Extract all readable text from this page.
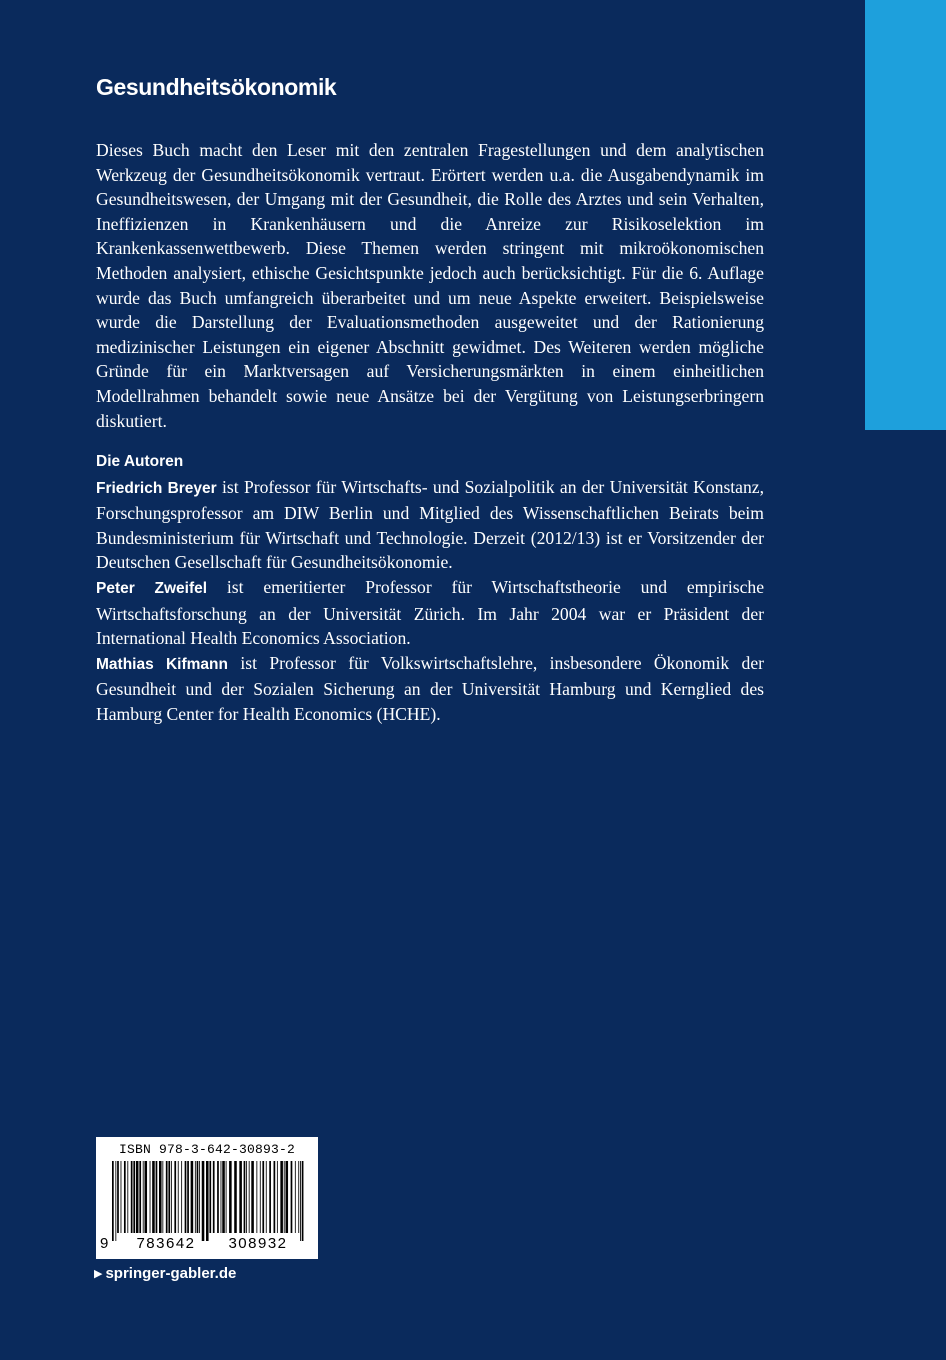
Gesundheitsökonomik

Dieses Buch macht den Leser mit den zentralen Fragestellungen und dem analytischen Werkzeug der Gesundheitsökonomik vertraut. Erörtert werden u.a. die Ausgabendynamik im Gesundheitswesen, der Umgang mit der Gesundheit, die Rolle des Arztes und sein Verhalten, Ineffizienzen in Krankenhäusern und die Anreize zur Risikoselektion im Krankenkassenwettbewerb. Diese Themen werden stringent mit mikroökonomischen Methoden analysiert, ethische Gesichtspunkte jedoch auch berücksichtigt. Für die 6. Auflage wurde das Buch umfangreich überarbeitet und um neue Aspekte erweitert. Beispielsweise wurde die Darstellung der Evaluationsmethoden ausgeweitet und der Rationierung medizinischer Leistungen ein eigener Abschnitt gewidmet. Des Weiteren werden mögliche Gründe für ein Marktversagen auf Versicherungsmärkten in einem einheitlichen Modellrahmen behandelt sowie neue Ansätze bei der Vergütung von Leistungserbringern diskutiert.

Die Autoren

Friedrich Breyer ist Professor für Wirtschafts- und Sozialpolitik an der Universität Konstanz, Forschungsprofessor am DIW Berlin und Mitglied des Wissenschaftlichen Beirats beim Bundesministerium für Wirtschaft und Technologie. Derzeit (2012/13) ist er Vorsitzender der Deutschen Gesellschaft für Gesundheitsökonomie.

Peter Zweifel ist emeritierter Professor für Wirtschaftstheorie und empirische Wirtschaftsforschung an der Universität Zürich. Im Jahr 2004 war er Präsident der International Health Economics Association.

Mathias Kifmann ist Professor für Volkswirtschaftslehre, insbesondere Ökonomik der Gesundheit und der Sozialen Sicherung an der Universität Hamburg und Kernglied des Hamburg Center for Health Economics (HCHE).

ISBN 978-3-642-30893-2
9	783642	308932
▶ springer-gabler.de
